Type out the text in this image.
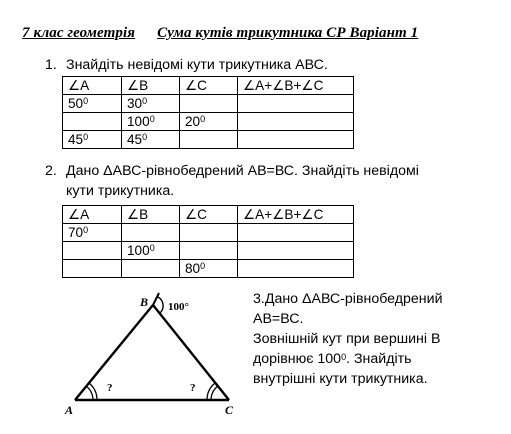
7 клас геометрія Сума кутів трикутника СР Варіант 1
1. Знайдіть невідомі кути трикутника АВС.
∠A	∠B	∠C	∠A+∠B+∠C
$50^0$	$30^0$		
	$100^0$	$20^0$	
$45^0$	$45^0$		
2. Дано ΔАВС-рівнобедрений АВ=ВС. Знайдіть невідомі
кути трикутника.
∠A	∠B	∠C	∠A+∠B+∠C
$70^0$			
	$100^0$		
		$80^0$	
A
B
C
100°
?	?
3.Дано ΔАВС-рівнобедрений
АВ=ВС.
Зовнішній кут при вершині В
дорівнює $100^0$. Знайдіть
внутрішні кути трикутника.
